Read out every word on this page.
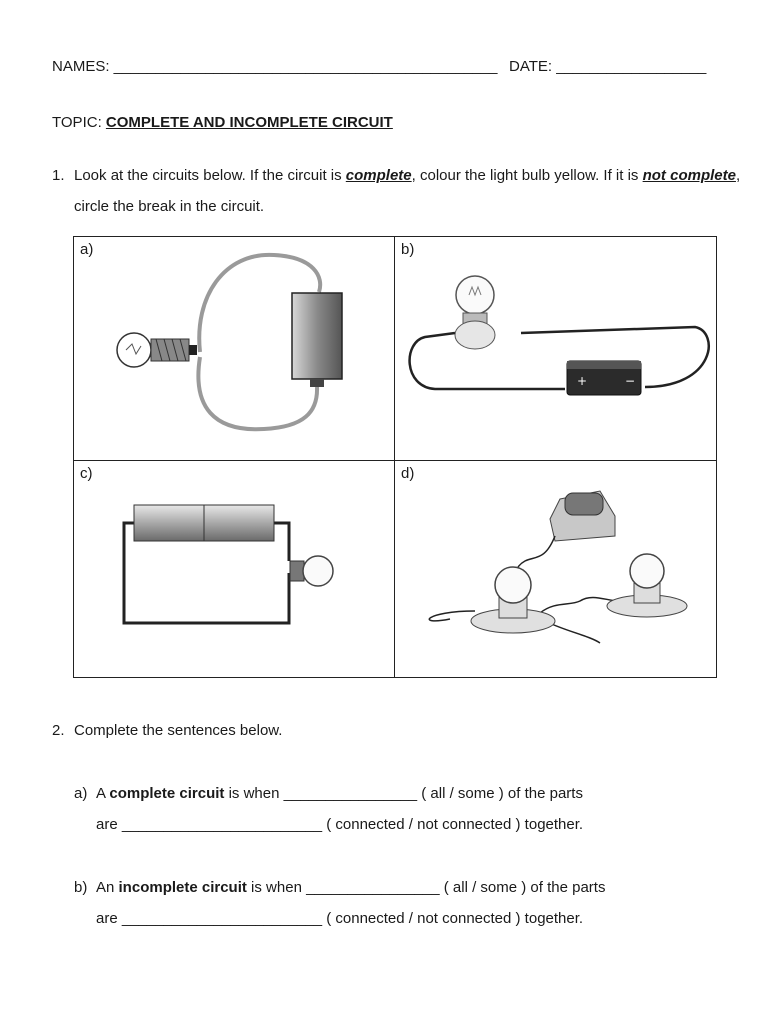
NAMES: ______________________________________________ DATE: __________________
TOPIC: COMPLETE AND INCOMPLETE CIRCUIT
1. Look at the circuits below. If the circuit is complete, colour the light bulb yellow. If it is not complete,
circle the break in the circuit.
a)	b)
+	−
c)	d)
2. Complete the sentences below.
a) A complete circuit is when ________________ ( all / some ) of the parts
are ________________________ ( connected / not connected ) together.
b) An incomplete circuit is when ________________ ( all / some ) of the parts
are ________________________ ( connected / not connected ) together.
